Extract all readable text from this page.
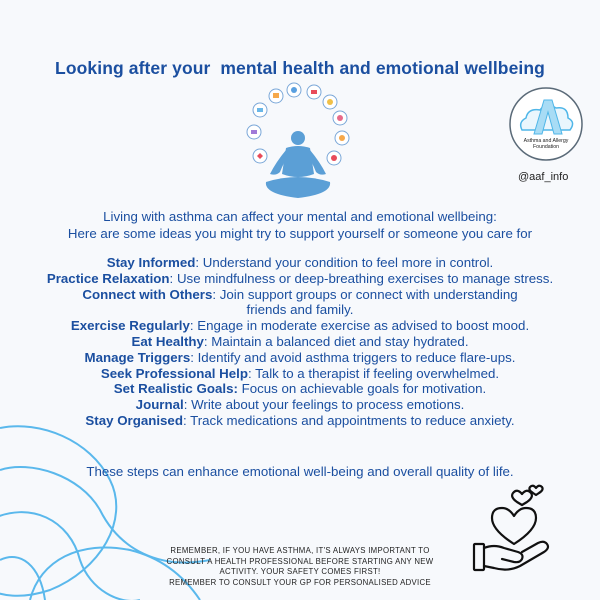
Looking after your  mental health and emotional wellbeing
Asthma and Allergy
Foundation
@aaf_info
Living with asthma can affect your mental and emotional wellbeing:
Here are some ideas you might try to support yourself or someone you care for

Stay Informed: Understand your condition to feel more in control.

Practice Relaxation: Use mindfulness or deep-breathing exercises to manage stress.

Connect with Others: Join support groups or connect with understanding friends and family.

Exercise Regularly: Engage in moderate exercise as advised to boost mood.

Eat Healthy: Maintain a balanced diet and stay hydrated.

Manage Triggers: Identify and avoid asthma triggers to reduce flare-ups.

Seek Professional Help: Talk to a therapist if feeling overwhelmed.

Set Realistic Goals: Focus on achievable goals for motivation.

Journal: Write about your feelings to process emotions.

Stay Organised: Track medications and appointments to reduce anxiety.

These steps can enhance emotional well-being and overall quality of life.
REMEMBER, IF YOU HAVE ASTHMA, IT'S ALWAYS IMPORTANT TO
CONSULT A HEALTH PROFESSIONAL BEFORE STARTING ANY NEW
ACTIVITY. YOUR SAFETY COMES FIRST!
REMEMBER TO CONSULT YOUR GP FOR PERSONALISED ADVICE
